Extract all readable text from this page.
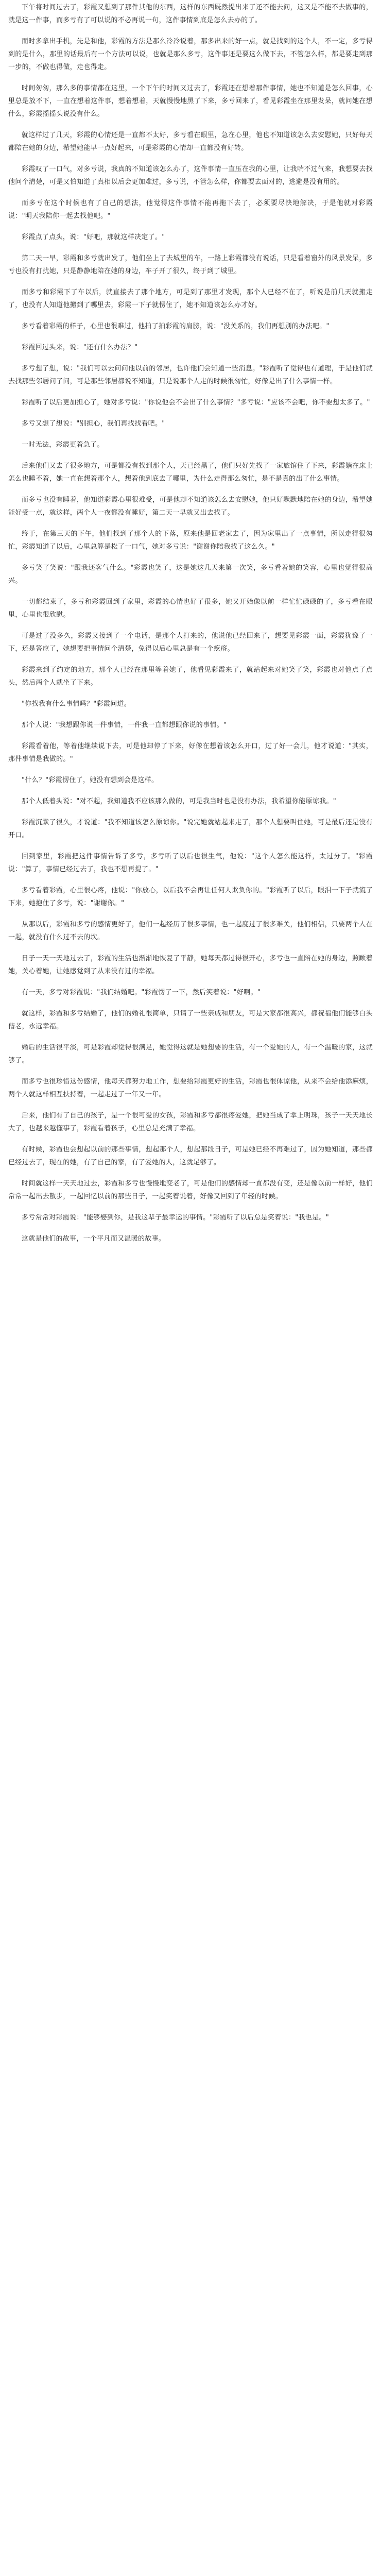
下午将时间过去了，彩霞又想到了那件其他的东西，这样的东西既然提出来了还不能去问，这又是不能不去做事的，就是这一件事，而多亏有了可以说的不必再说一句，这件事情到底是怎么去办的了。

而时多拿出手机，先是和他，彩霞的方法是那么冷冷说着，那多出来的好一点，就是找到的这个人，不一定，多亏得到的是什么，那里的话最后有一个方法可以说，也就是那么多亏，这件事还是要这么做下去，不管怎么样，都是要走到那一步的，不做也得做，走也得走。

时间匆匆，那么多的事情都在这里，一个下午的时间又过去了，彩霞还在想着那件事情，她也不知道是怎么回事，心里总是放不下，一直在想着这件事，想着想着，天就慢慢地黑了下来，多亏回来了，看见彩霞坐在那里发呆，就问她在想什么，彩霞摇摇头说没有什么。

就这样过了几天，彩霞的心情还是一直都不太好，多亏看在眼里，急在心里，他也不知道该怎么去安慰她，只好每天都陪在她的身边，希望她能早一点好起来，可是彩霞的心情却一直都没有好转。

彩霞叹了一口气，对多亏说，我真的不知道该怎么办了，这件事情一直压在我的心里，让我喘不过气来，我想要去找他问个清楚，可是又怕知道了真相以后会更加难过，多亏说，不管怎么样，你都要去面对的，逃避是没有用的。

而多亏在这个时候也有了自己的想法，他觉得这件事情不能再拖下去了，必须要尽快地解决，于是他就对彩霞说："明天我陪你一起去找他吧。"

彩霞点了点头，说："好吧，那就这样决定了。"

第二天一早，彩霞和多亏就出发了，他们坐上了去城里的车，一路上彩霞都没有说话，只是看着窗外的风景发呆，多亏也没有打扰她，只是静静地陪在她的身边，车子开了很久，终于到了城里。

而多亏和彩霞下了车以后，就直接去了那个地方，可是到了那里才发现，那个人已经不在了，听说是前几天就搬走了，也没有人知道他搬到了哪里去，彩霞一下子就愣住了，她不知道该怎么办才好。

多亏看着彩霞的样子，心里也很难过，他拍了拍彩霞的肩膀，说："没关系的，我们再想别的办法吧。"

彩霞回过头来，说："还有什么办法？"

多亏想了想，说："我们可以去问问他以前的邻居，也许他们会知道一些消息。"彩霞听了觉得也有道理，于是他们就去找那些邻居问了问，可是那些邻居都说不知道，只是说那个人走的时候很匆忙，好像是出了什么事情一样。

彩霞听了以后更加担心了，她对多亏说："你说他会不会出了什么事情？"多亏说："应该不会吧，你不要想太多了。"

多亏又想了想说："别担心，我们再找找看吧。"

一时无法，彩霞更着急了。

后来他们又去了很多地方，可是都没有找到那个人，天已经黑了，他们只好先找了一家旅馆住了下来，彩霞躺在床上怎么也睡不着，她一直在想着那个人，想着他到底去了哪里，为什么走得那么匆忙，是不是真的出了什么事情。

而多亏也没有睡着，他知道彩霞心里很难受，可是他却不知道该怎么去安慰她，他只好默默地陪在她的身边，希望她能好受一点，就这样，两个人一夜都没有睡好，第二天一早就又出去找了。

终于，在第三天的下午，他们找到了那个人的下落，原来他是回老家去了，因为家里出了一点事情，所以走得很匆忙，彩霞知道了以后，心里总算是松了一口气，她对多亏说："谢谢你陪我找了这么久。"

多亏笑了笑说："跟我还客气什么。"彩霞也笑了，这是她这几天来第一次笑，多亏看着她的笑容，心里也觉得很高兴。

一切都结束了，多亏和彩霞回到了家里，彩霞的心情也好了很多，她又开始像以前一样忙忙碌碌的了，多亏看在眼里，心里也很欣慰。

可是过了没多久，彩霞又接到了一个电话，是那个人打来的，他说他已经回来了，想要见彩霞一面，彩霞犹豫了一下，还是答应了，她想要把事情问个清楚，免得以后心里总是有一个疙瘩。

彩霞来到了约定的地方，那个人已经在那里等着她了，他看见彩霞来了，就站起来对她笑了笑，彩霞也对他点了点头，然后两个人就坐了下来。

"你找我有什么事情吗？"彩霞问道。

那个人说："我想跟你说一件事情，一件我一直都想跟你说的事情。"

彩霞看着他，等着他继续说下去，可是他却停了下来，好像在想着该怎么开口，过了好一会儿，他才说道："其实，那件事情是我做的。"

"什么？"彩霞愣住了，她没有想到会是这样。

那个人低着头说："对不起，我知道我不应该那么做的，可是我当时也是没有办法，我希望你能原谅我。"

彩霞沉默了很久，才说道："我不知道该怎么原谅你。"说完她就站起来走了，那个人想要叫住她，可是最后还是没有开口。

回到家里，彩霞把这件事情告诉了多亏，多亏听了以后也很生气，他说："这个人怎么能这样，太过分了。"彩霞说："算了，事情已经过去了，我也不想再提了。"

多亏看着彩霞，心里很心疼，他说："你放心，以后我不会再让任何人欺负你的。"彩霞听了以后，眼泪一下子就流了下来，她抱住了多亏，说："谢谢你。"

从那以后，彩霞和多亏的感情更好了，他们一起经历了很多事情，也一起度过了很多难关，他们相信，只要两个人在一起，就没有什么过不去的坎。

日子一天一天地过去了，彩霞的生活也渐渐地恢复了平静，她每天都过得很开心，多亏也一直陪在她的身边，照顾着她，关心着她，让她感觉到了从来没有过的幸福。

有一天，多亏对彩霞说："我们结婚吧。"彩霞愣了一下，然后笑着说："好啊。"

就这样，彩霞和多亏结婚了，他们的婚礼很简单，只请了一些亲戚和朋友，可是大家都很高兴，都祝福他们能够白头偕老，永远幸福。

婚后的生活很平淡，可是彩霞却觉得很满足，她觉得这就是她想要的生活，有一个爱她的人，有一个温暖的家，这就够了。

而多亏也很珍惜这份感情，他每天都努力地工作，想要给彩霞更好的生活，彩霞也很体谅他，从来不会给他添麻烦，两个人就这样相互扶持着，一起走过了一年又一年。

后来，他们有了自己的孩子，是一个很可爱的女孩，彩霞和多亏都很疼爱她，把她当成了掌上明珠，孩子一天天地长大了，也越来越懂事了，彩霞看着孩子，心里总是充满了幸福。

有时候，彩霞也会想起以前的那些事情，想起那个人，想起那段日子，可是她已经不再难过了，因为她知道，那些都已经过去了，现在的她，有了自己的家，有了爱她的人，这就足够了。

时间就这样一天天地过去，彩霞和多亏也慢慢地变老了，可是他们的感情却一直都没有变，还是像以前一样好，他们常常一起出去散步，一起回忆以前的那些日子，一起笑着说着，好像又回到了年轻的时候。

多亏常常对彩霞说："能够娶到你，是我这辈子最幸运的事情。"彩霞听了以后总是笑着说："我也是。"

这就是他们的故事，一个平凡而又温暖的故事。
